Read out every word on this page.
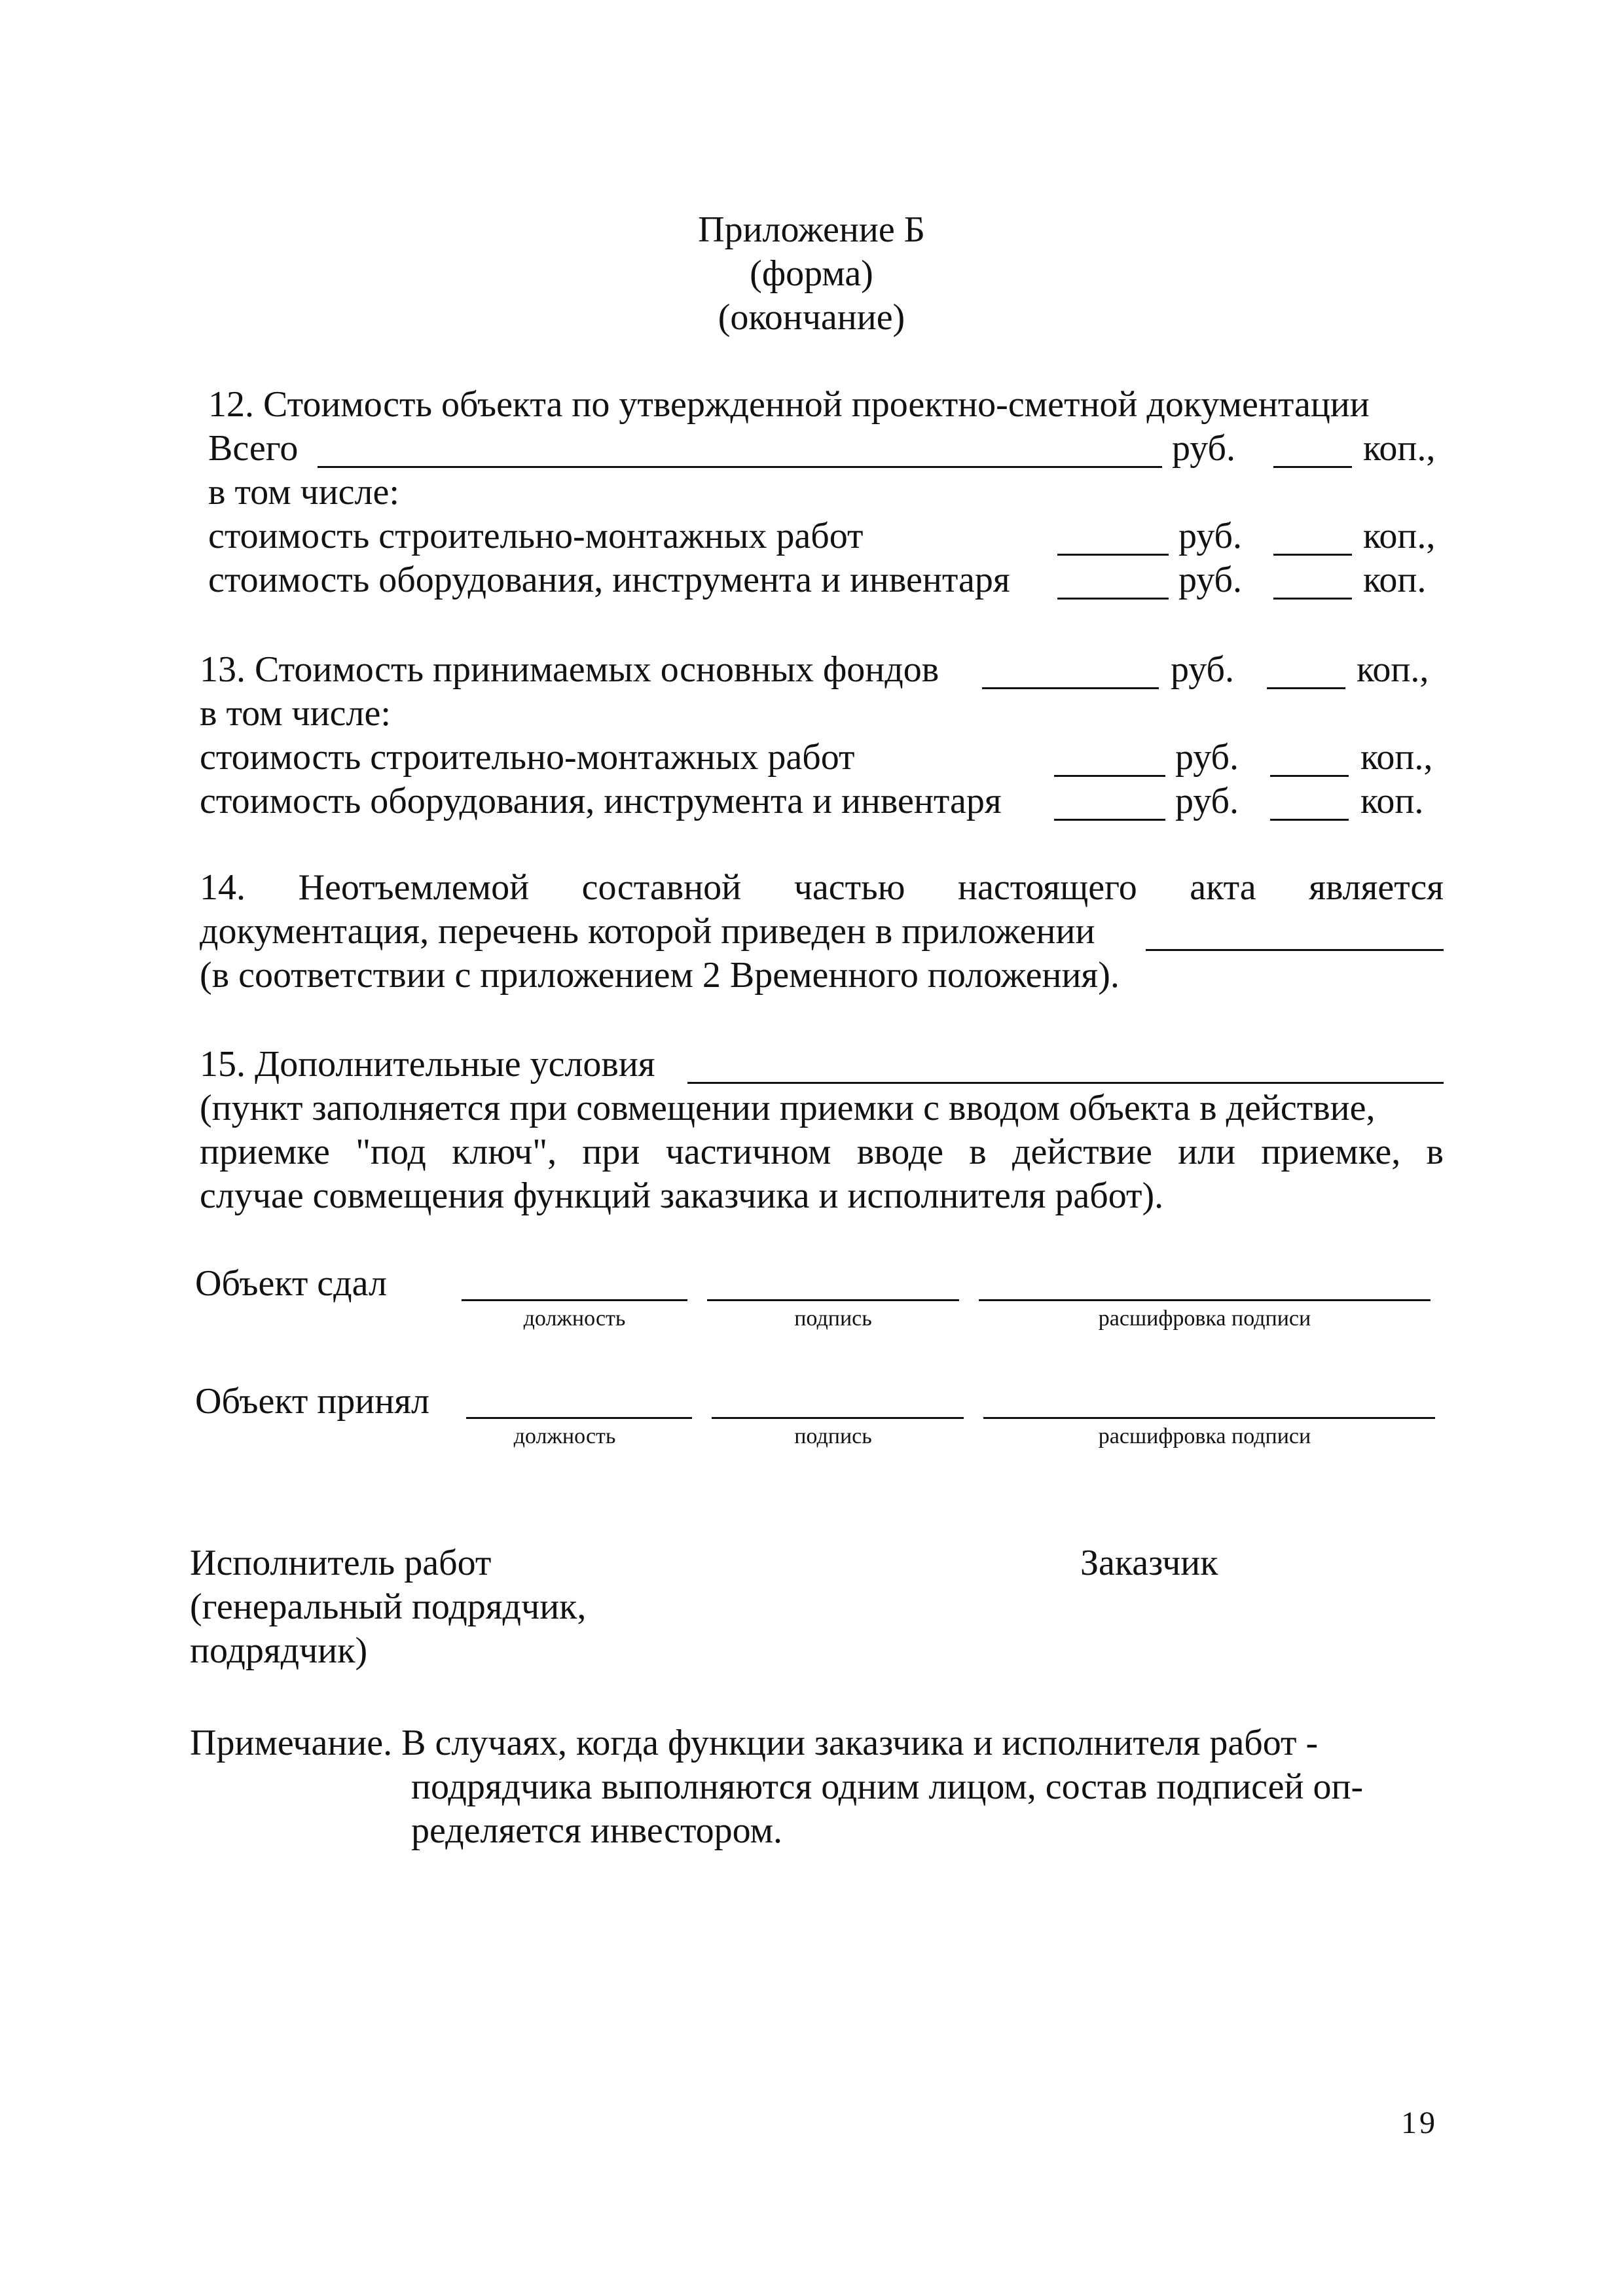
Приложение Б
(форма)
(окончание)
12. Стоимость объекта по утвержденной проектно-сметной документации
Всего	руб.	коп.,
в том числе:
стоимость строительно-монтажных работ	руб.	коп.,
стоимость оборудования, инструмента и инвентаря	руб.	коп.
13. Стоимость принимаемых основных фондов	руб.	коп.,
в том числе:
стоимость строительно-монтажных работ	руб.	коп.,
стоимость оборудования, инструмента и инвентаря	руб.	коп.
14. Неотъемлемой составной частью настоящего акта является
документация, перечень которой приведен в приложении
(в соответствии с приложением 2 Временного положения).
15. Дополнительные условия
(пункт заполняется при совмещении приемки с вводом объекта в действие,
приемке "под ключ", при частичном вводе в действие или приемке, в
случае совмещения функций заказчика и исполнителя работ).
Объект сдал
должность	подпись	расшифровка подписи
Объект принял
должность	подпись	расшифровка подписи
Исполнитель работ
(генеральный подрядчик,
подрядчик)
Заказчик
Примечание. В случаях, когда функции заказчика и исполнителя работ -
подрядчика выполняются одним лицом, состав подписей оп-
ределяется инвестором.
19
